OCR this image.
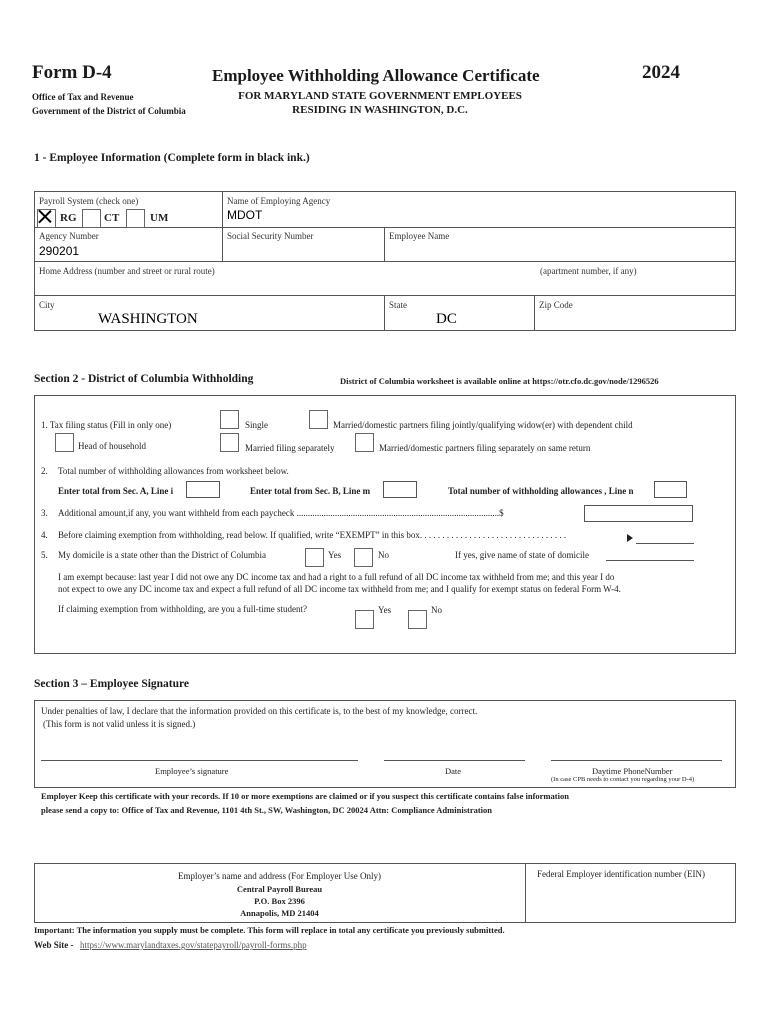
Form D-4	Employee Withholding Allowance Certificate	2024
Office of Tax and Revenue
Government of the District of Columbia
FOR MARYLAND STATE GOVERNMENT EMPLOYEES
RESIDING IN WASHINGTON, D.C.
1 - Employee Information (Complete form in black ink.)
Payroll System (check one)
RG	CT	UM
Name of Employing Agency
MDOT
Agency Number
290201
Social Security Number	Employee Name
Home Address (number and street or rural route)	(apartment number, if any)
City
WASHINGTON
State
DC
Zip Code
Section 2 - District of Columbia Withholding	District of Columbia worksheet is available online at https://otr.cfo.dc.gov/node/1296526
1. Tax filing status (Fill in only one)	Single	Married/domestic partners filing jointly/qualifying widow(er) with dependent child
Head of household	Married filing separately	Married/domestic partners filing separately on same return
2. Total number of withholding allowances from worksheet below.
Enter total from Sec. A, Line i	Enter total from Sec. B, Line m	Total number of withholding allowances , Line n
3. Additional amount,if any, you want withheld from each paycheck ..........................................................................................$
4. Before claiming exemption from withholding, read below. If qualified, write “EXEMPT” in this box. . . . . . . . . . . . . . . . . . . . . . . . . . . . . . . . .
5. My domicile is a state other than the District of Columbia	Yes	No	If yes, give name of state of domicile
I am exempt because: last year I did not owe any DC income tax and had a right to a full refund of all DC income tax withheld from me; and this year I do
not expect to owe any DC income tax and expect a full refund of all DC income tax withheld from me; and I qualify for exempt status on federal Form W-4.
If claiming exemption from withholding, are you a full-time student?	Yes	No
Section 3 – Employee Signature
Under penalties of law, I declare that the information provided on this certificate is, to the best of my knowledge, correct.
(This form is not valid unless it is signed.)
Employee’s signature	Date	Daytime PhoneNumber
(In case CPB needs to contact you regarding your D-4)
Employer Keep this certificate with your records. If 10 or more exemptions are claimed or if you suspect this certificate contains false information
please send a copy to: Office of Tax and Revenue, 1101 4th St., SW, Washington, DC 20024 Attn: Compliance Administration
Employer’s name and address (For Employer Use Only)
Central Payroll Bureau
P.O. Box 2396
Annapolis, MD 21404
Federal Employer identification number (EIN)
Important: The information you supply must be complete. This form will replace in total any certificate you previously submitted.
Web Site - https://www.marylandtaxes.gov/statepayroll/payroll-forms.php
